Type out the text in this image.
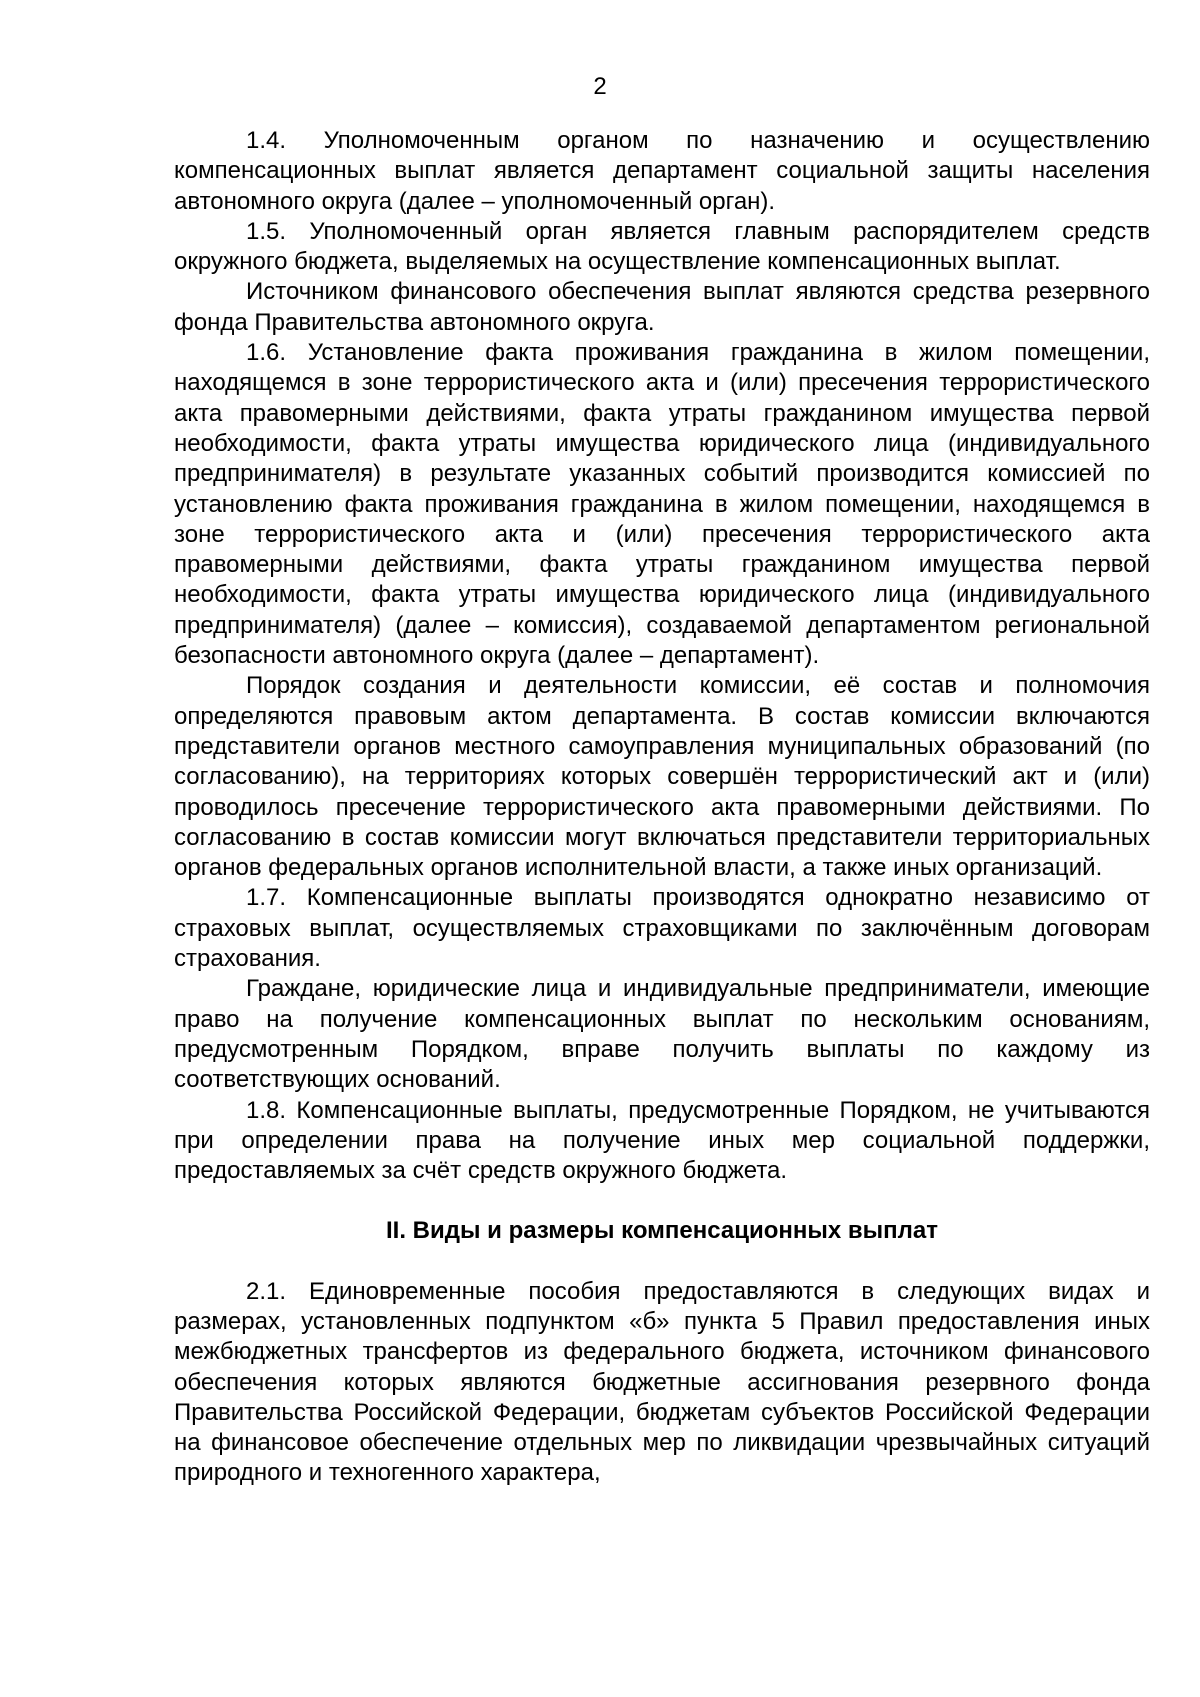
2

1.4. Уполномоченным органом по назначению и осуществлению компенсационных выплат является департамент социальной защиты населения автономного округа (далее – уполномоченный орган).

1.5. Уполномоченный орган является главным распорядителем средств окружного бюджета, выделяемых на осуществление компенсационных выплат.

Источником финансового обеспечения выплат являются средства резервного фонда Правительства автономного округа.

1.6. Установление факта проживания гражданина в жилом помещении, находящемся в зоне террористического акта и (или) пресечения террористического акта правомерными действиями, факта утраты гражданином имущества первой необходимости, факта утраты имущества юридического лица (индивидуального предпринимателя) в результате указанных событий производится комиссией по установлению факта проживания гражданина в жилом помещении, находящемся в зоне террористического акта и (или) пресечения террористического акта правомерными действиями, факта утраты гражданином имущества первой необходимости, факта утраты имущества юридического лица (индивидуального предпринимателя) (далее – комиссия), создаваемой департаментом региональной безопасности автономного округа (далее – департамент).

Порядок создания и деятельности комиссии, её состав и полномочия определяются правовым актом департамента. В состав комиссии включаются представители органов местного самоуправления муниципальных образований (по согласованию), на территориях которых совершён террористический акт и (или) проводилось пресечение террористического акта правомерными действиями. По согласованию в состав комиссии могут включаться представители территориальных органов федеральных органов исполнительной власти, а также иных организаций.

1.7. Компенсационные выплаты производятся однократно независимо от страховых выплат, осуществляемых страховщиками по заключённым договорам страхования.

Граждане, юридические лица и индивидуальные предприниматели, имеющие право на получение компенсационных выплат по нескольким основаниям, предусмотренным Порядком, вправе получить выплаты по каждому из соответствующих оснований.

1.8. Компенсационные выплаты, предусмотренные Порядком, не учитываются при определении права на получение иных мер социальной поддержки, предоставляемых за счёт средств окружного бюджета.

II. Виды и размеры компенсационных выплат

2.1. Единовременные пособия предоставляются в следующих видах и размерах, установленных подпунктом «б» пункта 5 Правил предоставления иных межбюджетных трансфертов из федерального бюджета, источником финансового обеспечения которых являются бюджетные ассигнования резервного фонда Правительства Российской Федерации, бюджетам субъектов Российской Федерации на финансовое обеспечение отдельных мер по ликвидации чрезвычайных ситуаций природного и техногенного характера,
